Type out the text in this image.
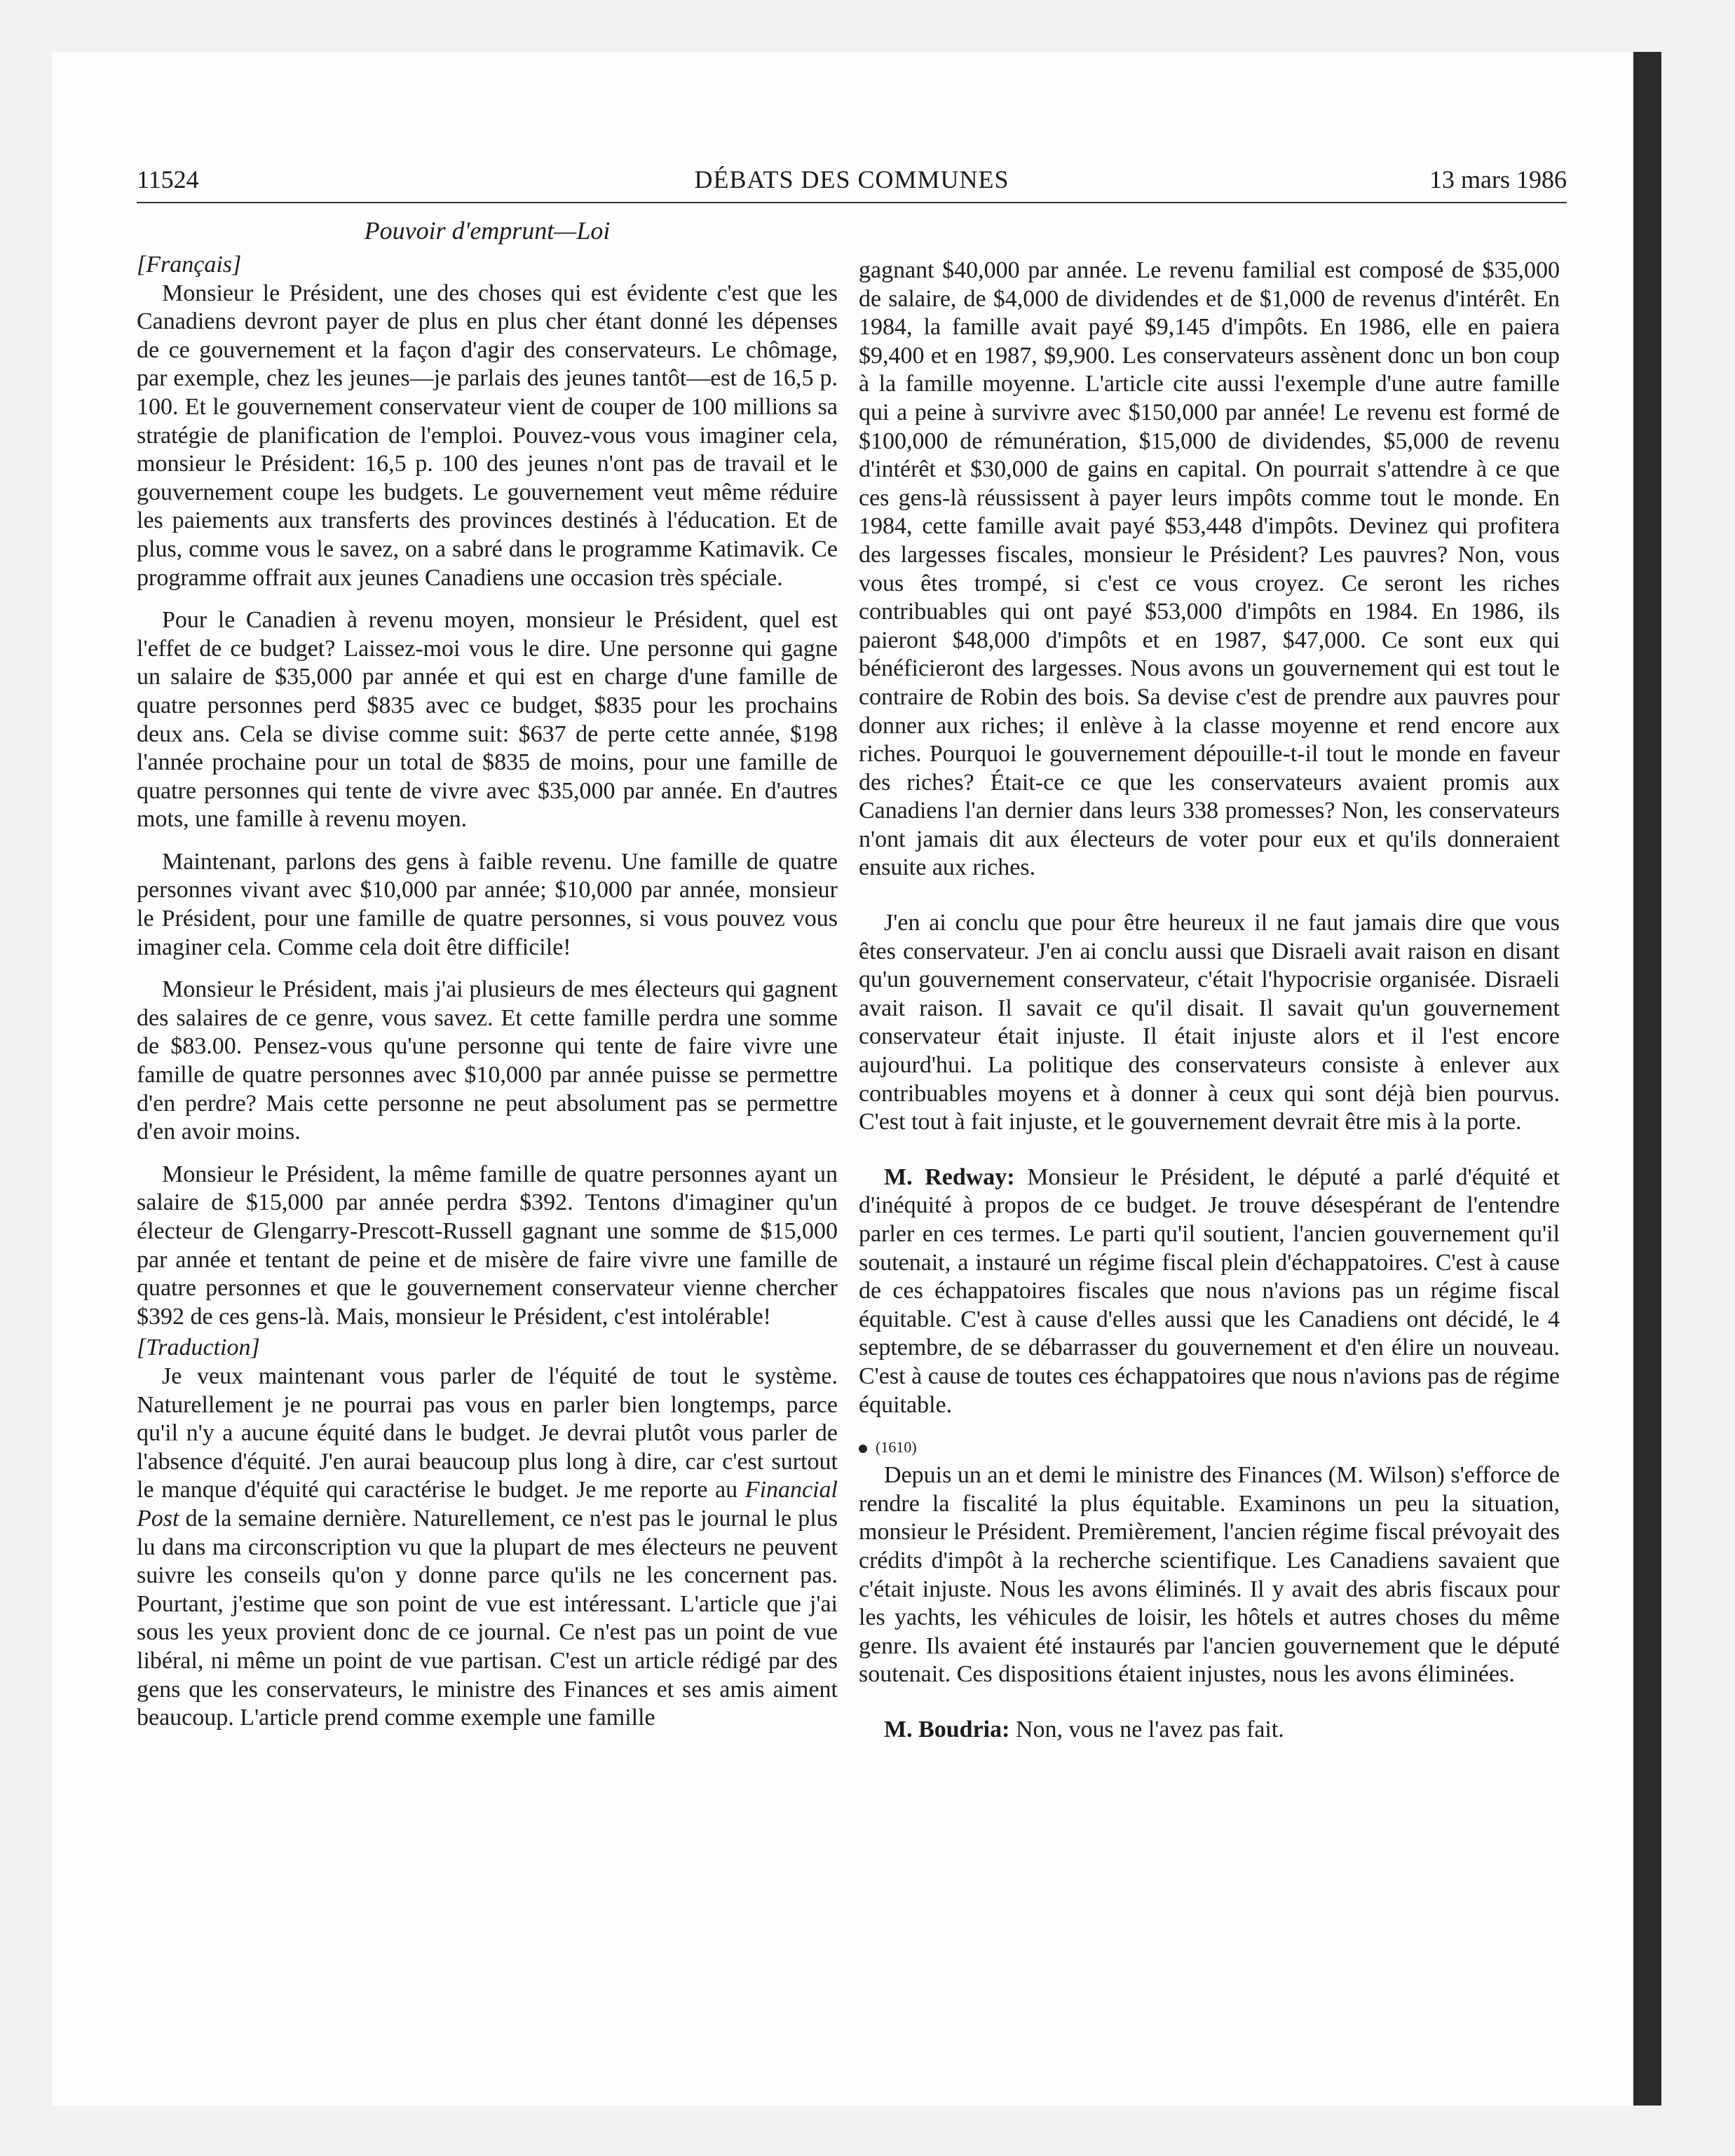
11524	DÉBATS DES COMMUNES	13 mars 1986
Pouvoir d'emprunt—Loi

[Français]

Monsieur le Président, une des choses qui est évidente c'est que les Canadiens devront payer de plus en plus cher étant donné les dépenses de ce gouvernement et la façon d'agir des conservateurs. Le chômage, par exemple, chez les jeunes—je parlais des jeunes tantôt—est de 16,5 p. 100. Et le gouvernement conservateur vient de couper de 100 millions sa stratégie de planification de l'emploi. Pouvez-vous vous imaginer cela, monsieur le Président: 16,5 p. 100 des jeunes n'ont pas de travail et le gouvernement coupe les budgets. Le gouvernement veut même réduire les paiements aux transferts des provinces destinés à l'éducation. Et de plus, comme vous le savez, on a sabré dans le programme Katimavik. Ce programme offrait aux jeunes Canadiens une occasion très spéciale.

Pour le Canadien à revenu moyen, monsieur le Président, quel est l'effet de ce budget? Laissez-moi vous le dire. Une personne qui gagne un salaire de $35,000 par année et qui est en charge d'une famille de quatre personnes perd $835 avec ce budget, $835 pour les prochains deux ans. Cela se divise comme suit: $637 de perte cette année, $198 l'année prochaine pour un total de $835 de moins, pour une famille de quatre personnes qui tente de vivre avec $35,000 par année. En d'autres mots, une famille à revenu moyen.

Maintenant, parlons des gens à faible revenu. Une famille de quatre personnes vivant avec $10,000 par année; $10,000 par année, monsieur le Président, pour une famille de quatre personnes, si vous pouvez vous imaginer cela. Comme cela doit être difficile!

Monsieur le Président, mais j'ai plusieurs de mes électeurs qui gagnent des salaires de ce genre, vous savez. Et cette famille perdra une somme de $83.00. Pensez-vous qu'une personne qui tente de faire vivre une famille de quatre personnes avec $10,000 par année puisse se permettre d'en perdre? Mais cette personne ne peut absolument pas se permettre d'en avoir moins.

Monsieur le Président, la même famille de quatre personnes ayant un salaire de $15,000 par année perdra $392. Tentons d'imaginer qu'un électeur de Glengarry-Prescott-Russell gagnant une somme de $15,000 par année et tentant de peine et de misère de faire vivre une famille de quatre personnes et que le gouvernement conservateur vienne chercher $392 de ces gens-là. Mais, monsieur le Président, c'est intolérable!

[Traduction]

Je veux maintenant vous parler de l'équité de tout le système. Naturellement je ne pourrai pas vous en parler bien longtemps, parce qu'il n'y a aucune équité dans le budget. Je devrai plutôt vous parler de l'absence d'équité. J'en aurai beaucoup plus long à dire, car c'est surtout le manque d'équité qui caractérise le budget. Je me reporte au Financial Post de la semaine dernière. Naturellement, ce n'est pas le journal le plus lu dans ma circonscription vu que la plupart de mes électeurs ne peuvent suivre les conseils qu'on y donne parce qu'ils ne les concernent pas. Pourtant, j'estime que son point de vue est intéressant. L'article que j'ai sous les yeux provient donc de ce journal. Ce n'est pas un point de vue libéral, ni même un point de vue partisan. C'est un article rédigé par des gens que les conservateurs, le ministre des Finances et ses amis aiment beaucoup. L'article prend comme exemple une famille

gagnant $40,000 par année. Le revenu familial est composé de $35,000 de salaire, de $4,000 de dividendes et de $1,000 de revenus d'intérêt. En 1984, la famille avait payé $9,145 d'impôts. En 1986, elle en paiera $9,400 et en 1987, $9,900. Les conservateurs assènent donc un bon coup à la famille moyenne. L'article cite aussi l'exemple d'une autre famille qui a peine à survivre avec $150,000 par année! Le revenu est formé de $100,000 de rémunération, $15,000 de dividendes, $5,000 de revenu d'intérêt et $30,000 de gains en capital. On pourrait s'attendre à ce que ces gens-là réussissent à payer leurs impôts comme tout le monde. En 1984, cette famille avait payé $53,448 d'impôts. Devinez qui profitera des largesses fiscales, monsieur le Président? Les pauvres? Non, vous vous êtes trompé, si c'est ce vous croyez. Ce seront les riches contribuables qui ont payé $53,000 d'impôts en 1984. En 1986, ils paieront $48,000 d'impôts et en 1987, $47,000. Ce sont eux qui bénéficieront des largesses. Nous avons un gouvernement qui est tout le contraire de Robin des bois. Sa devise c'est de prendre aux pauvres pour donner aux riches; il enlève à la classe moyenne et rend encore aux riches. Pourquoi le gouvernement dépouille-t-il tout le monde en faveur des riches? Était-ce ce que les conservateurs avaient promis aux Canadiens l'an dernier dans leurs 338 promesses? Non, les conservateurs n'ont jamais dit aux électeurs de voter pour eux et qu'ils donneraient ensuite aux riches.

J'en ai conclu que pour être heureux il ne faut jamais dire que vous êtes conservateur. J'en ai conclu aussi que Disraeli avait raison en disant qu'un gouvernement conservateur, c'était l'hypocrisie organisée. Disraeli avait raison. Il savait ce qu'il disait. Il savait qu'un gouvernement conservateur était injuste. Il était injuste alors et il l'est encore aujourd'hui. La politique des conservateurs consiste à enlever aux contribuables moyens et à donner à ceux qui sont déjà bien pourvus. C'est tout à fait injuste, et le gouvernement devrait être mis à la porte.

M. Redway: Monsieur le Président, le député a parlé d'équité et d'inéquité à propos de ce budget. Je trouve désespérant de l'entendre parler en ces termes. Le parti qu'il soutient, l'ancien gouvernement qu'il soutenait, a instauré un régime fiscal plein d'échappatoires. C'est à cause de ces échappatoires fiscales que nous n'avions pas un régime fiscal équitable. C'est à cause d'elles aussi que les Canadiens ont décidé, le 4 septembre, de se débarrasser du gouvernement et d'en élire un nouveau. C'est à cause de toutes ces échappatoires que nous n'avions pas de régime équitable.

(1610)

Depuis un an et demi le ministre des Finances (M. Wilson) s'efforce de rendre la fiscalité la plus équitable. Examinons un peu la situation, monsieur le Président. Premièrement, l'ancien régime fiscal prévoyait des crédits d'impôt à la recherche scientifique. Les Canadiens savaient que c'était injuste. Nous les avons éliminés. Il y avait des abris fiscaux pour les yachts, les véhicules de loisir, les hôtels et autres choses du même genre. Ils avaient été instaurés par l'ancien gouvernement que le député soutenait. Ces dispositions étaient injustes, nous les avons éliminées.

M. Boudria: Non, vous ne l'avez pas fait.
